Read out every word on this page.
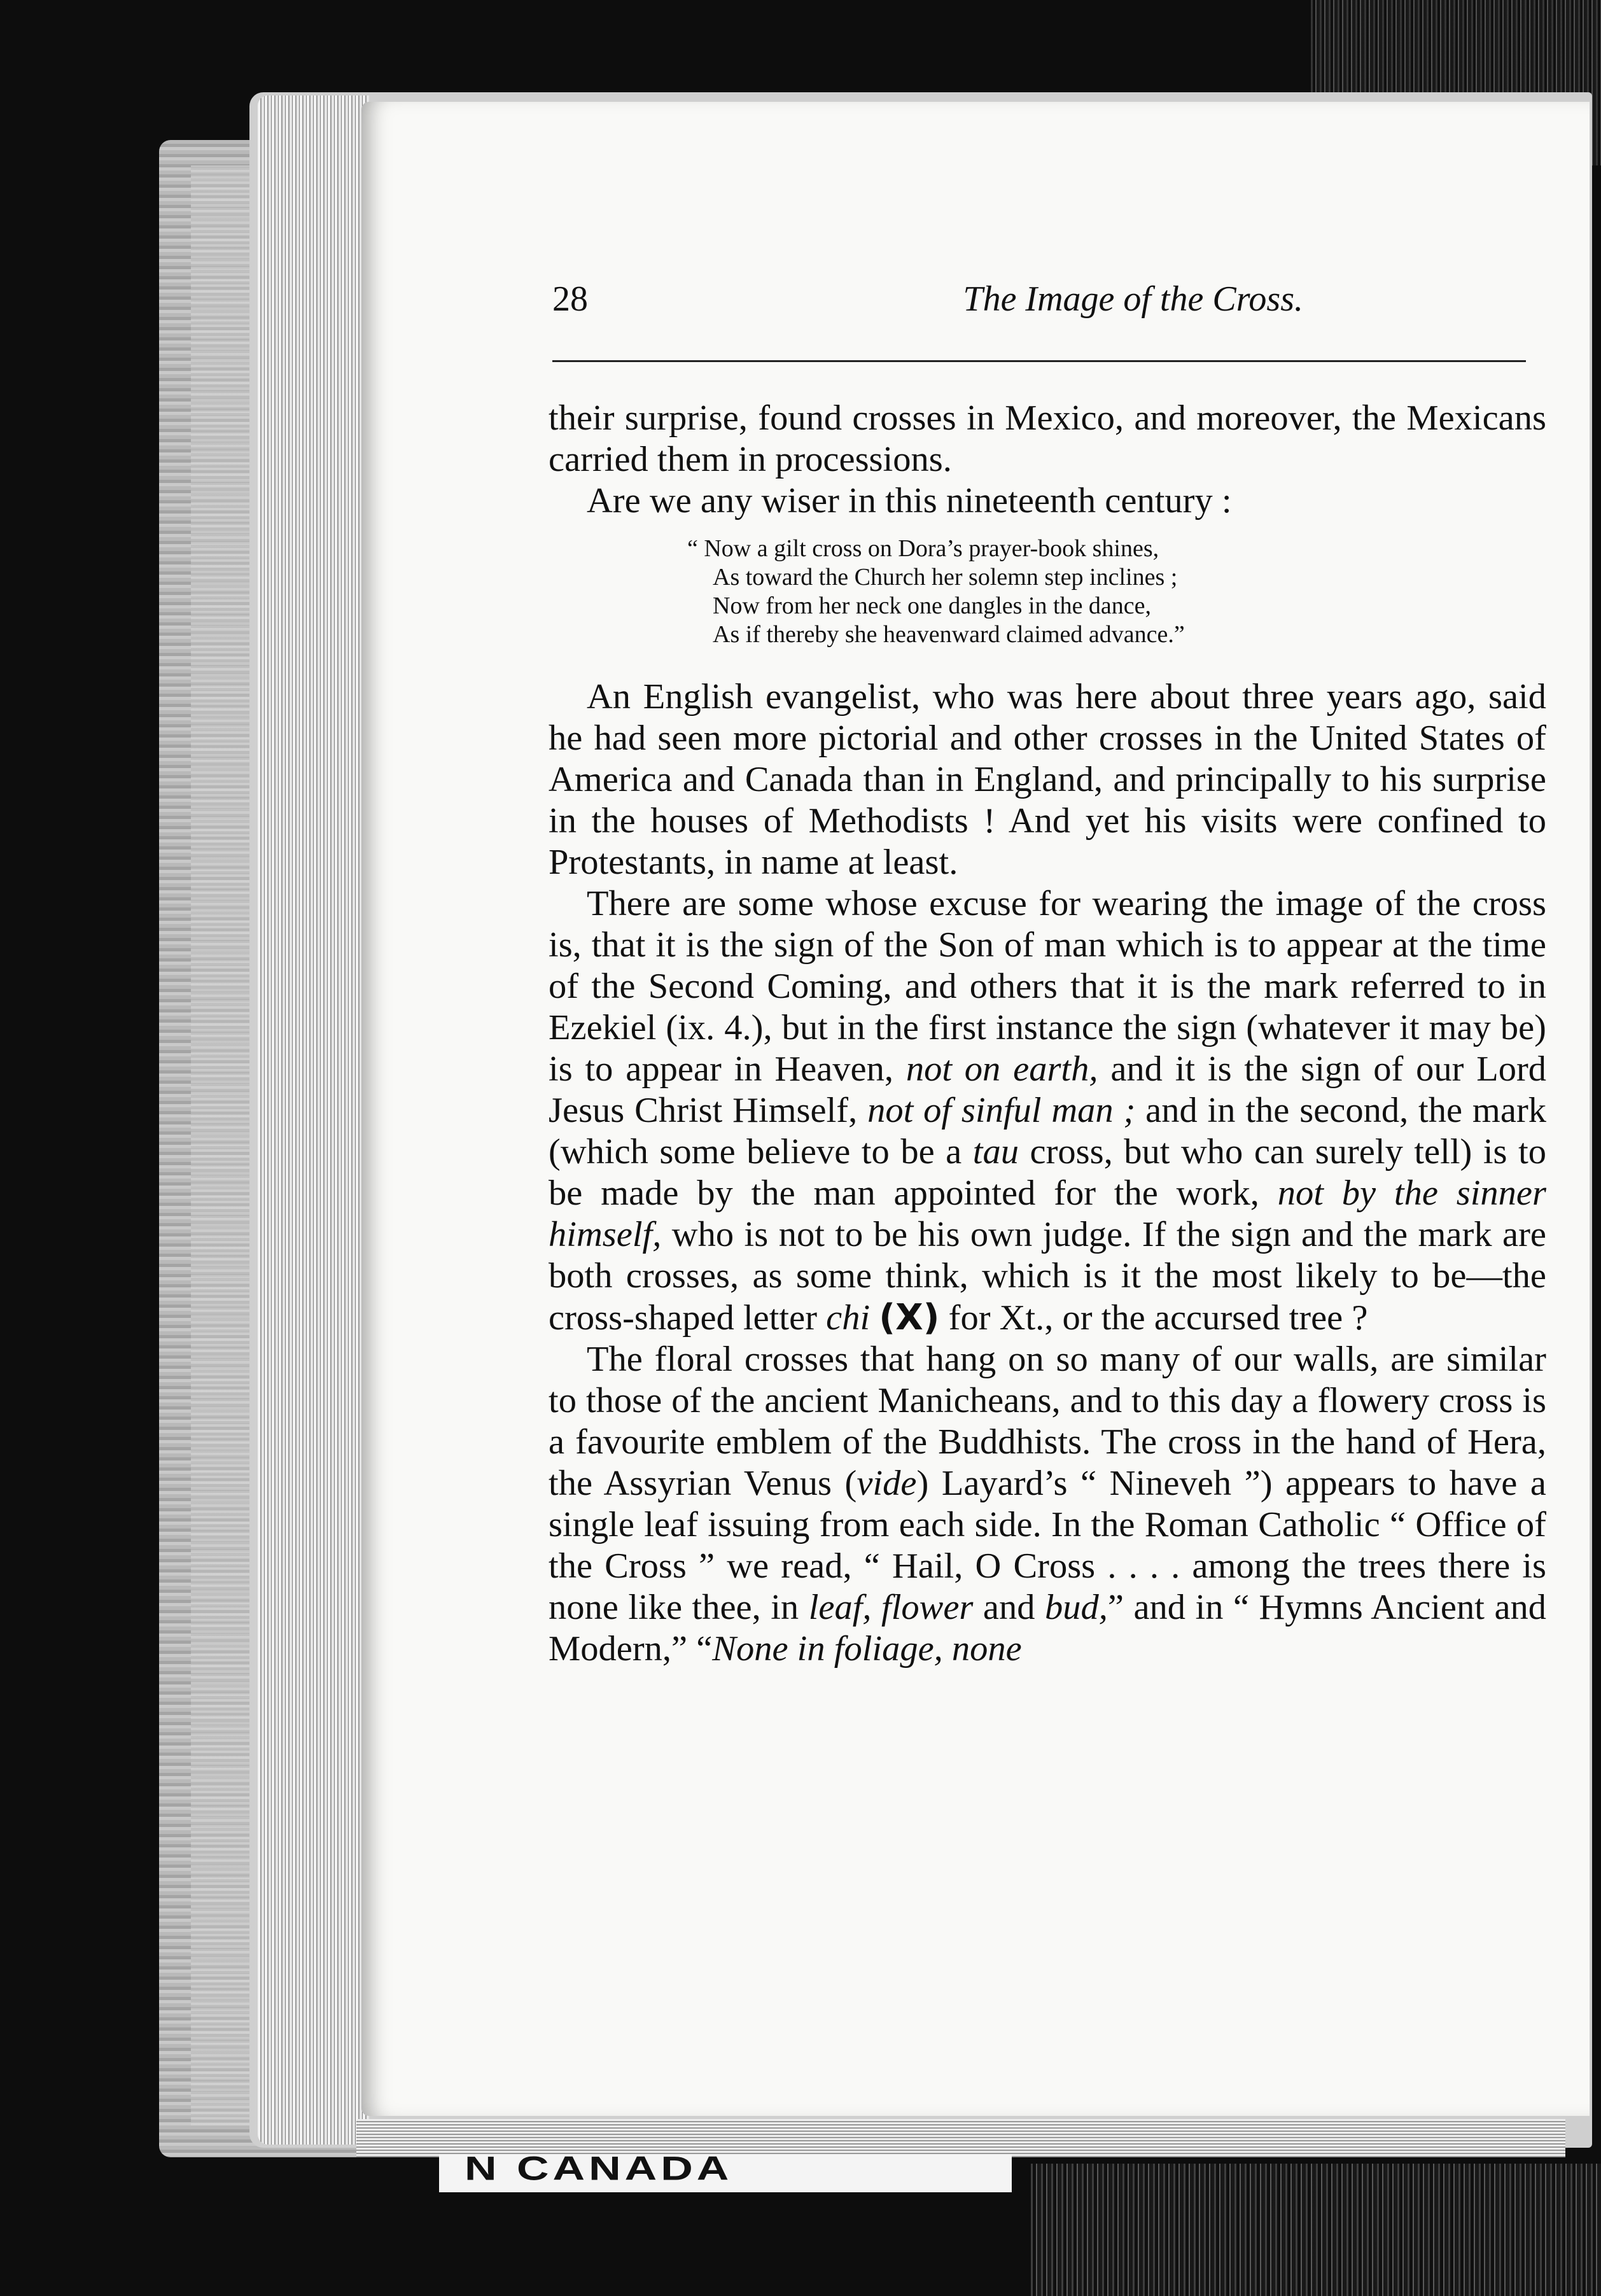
N CANADA
28	The Image of the Cross.

their surprise, found crosses in Mexico, and moreover, the Mexicans carried them in processions.

Are we any wiser in this nineteenth century :

“ Now a gilt cross on Dora’s prayer-book shines,
As toward the Church her solemn step inclines ;
Now from her neck one dangles in the dance,
As if thereby she heavenward claimed advance.”

An English evangelist, who was here about three years ago, said he had seen more pictorial and other crosses in the United States of America and Canada than in England, and principally to his surprise in the houses of Methodists ! And yet his visits were confined to Protestants, in name at least.

There are some whose excuse for wearing the image of the cross is, that it is the sign of the Son of man which is to appear at the time of the Second Coming, and others that it is the mark referred to in Ezekiel (ix. 4.), but in the first instance the sign (whatever it may be) is to appear in Heaven, not on earth, and it is the sign of our Lord Jesus Christ Himself, not of sinful man ; and in the second, the mark (which some believe to be a tau cross, but who can surely tell) is to be made by the man appointed for the work, not by the sinner himself, who is not to be his own judge. If the sign and the mark are both crosses, as some think, which is it the most likely to be—the cross-shaped letter chi (X) for Xt., or the accursed tree ?

The floral crosses that hang on so many of our walls, are similar to those of the ancient Manicheans, and to this day a flowery cross is a favourite emblem of the Buddhists. The cross in the hand of Hera, the Assyrian Venus (vide) Layard’s “ Nineveh ”) appears to have a single leaf issuing from each side. In the Roman Catholic “ Office of the Cross ” we read, “ Hail, O Cross . . . . among the trees there is none like thee, in leaf, flower and bud,” and in “ Hymns Ancient and Modern,” “None in foliage, none
